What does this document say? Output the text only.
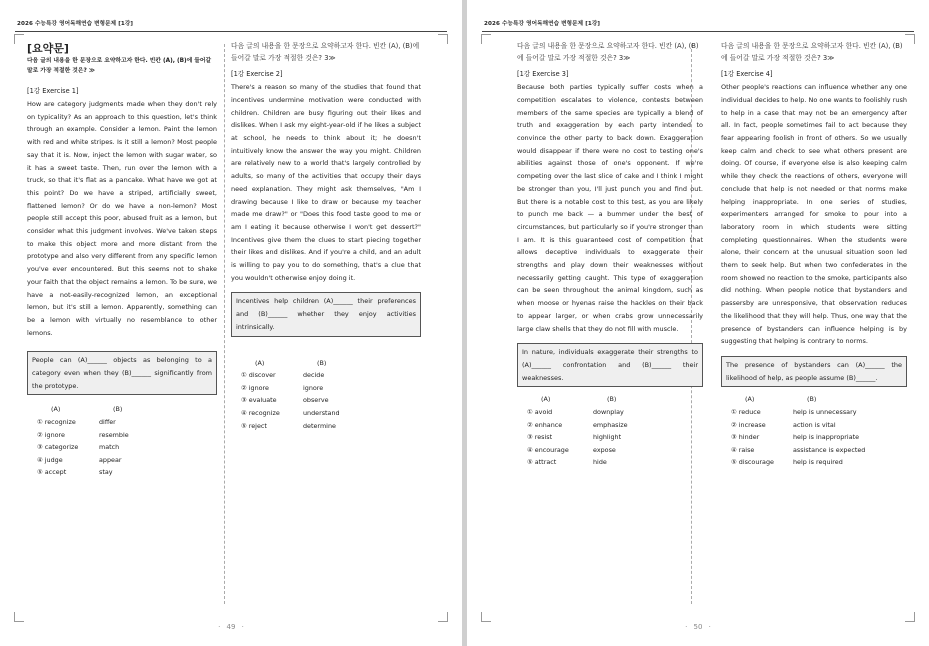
2026 수능특강 영어독해연습 변형문제 [1강]
[요약문]
다음 글의 내용을 한 문장으로 요약하고자 한다. 빈칸 (A), (B)에 들어갈 말로 가장 적절한 것은? ≫
[1강 Exercise 1]
How are category judgments made when they don't rely on typicality? As an approach to this question, let's think through an example. Consider a lemon. Paint the lemon with red and white stripes. Is it still a lemon? Most people say that it is. Now, inject the lemon with sugar water, so it has a sweet taste. Then, run over the lemon with a truck, so that it's flat as a pancake. What have we got at this point? Do we have a striped, artificially sweet, flattened lemon? Or do we have a non-lemon? Most people still accept this poor, abused fruit as a lemon, but consider what this judgment involves. We've taken steps to make this object more and more distant from the prototype and also very different from any specific lemon you've ever encountered. But this seems not to shake your faith that the object remains a lemon. To be sure, we have a not-easily-recognized lemon, an exceptional lemon, but it's still a lemon. Apparently, something can be a lemon with virtually no resemblance to other lemons.
People can (A)______ objects as belonging to a category even when they (B)______ significantly from the prototype.
(A)	(B)
① recognize	differ
② ignore	resemble
③ categorize	match
④ judge	appear
⑤ accept	stay
다음 글의 내용을 한 문장으로 요약하고자 한다. 빈칸 (A), (B)에 들어갈 말로 가장 적절한 것은? 3≫
[1강 Exercise 2]
There's a reason so many of the studies that found that incentives undermine motivation were conducted with children. Children are busy figuring out their likes and dislikes. When I ask my eight-year-old if he likes a subject at school, he needs to think about it; he doesn't intuitively know the answer the way you might. Children are relatively new to a world that's largely controlled by adults, so many of the activities that occupy their days need explanation. They might ask themselves, "Am I drawing because I like to draw or because my teacher made me draw?" or "Does this food taste good to me or am I eating it because otherwise I won't get dessert?" Incentives give them the clues to start piecing together their likes and dislikes. And if you're a child, and an adult is willing to pay you to do something, that's a clue that you wouldn't otherwise enjoy doing it.
Incentives help children (A)______ their preferences and (B)______ whether they enjoy activities intrinsically.
(A)	(B)
① discover	decide
② ignore	ignore
③ evaluate	observe
④ recognize	understand
⑤ reject	determine
· 49 ·
2026 수능특강 영어독해연습 변형문제 [1강]
다음 글의 내용을 한 문장으로 요약하고자 한다. 빈칸 (A), (B)에 들어갈 말로 가장 적절한 것은? 3≫
[1강 Exercise 3]
Because both parties typically suffer costs when a competition escalates to violence, contests between members of the same species are typically a blend of truth and exaggeration by each party intended to convince the other party to back down. Exaggeration would disappear if there were no cost to testing one's abilities against those of one's opponent. If we're competing over the last slice of cake and I think I might be stronger than you, I'll just punch you and find out. But there is a notable cost to this test, as you are likely to punch me back — a bummer under the best of circumstances, but particularly so if you're stronger than I am. It is this guaranteed cost of competition that allows deceptive individuals to exaggerate their strengths and play down their weaknesses without necessarily getting caught. This type of exaggeration can be seen throughout the animal kingdom, such as when moose or hyenas raise the hackles on their back to appear larger, or when crabs grow unnecessarily large claw shells that they do not fill with muscle.
In nature, individuals exaggerate their strengths to (A)______ confrontation and (B)______ their weaknesses.
(A)	(B)
① avoid	downplay
② enhance	emphasize
③ resist	highlight
④ encourage	expose
⑤ attract	hide
다음 글의 내용을 한 문장으로 요약하고자 한다. 빈칸 (A), (B)에 들어갈 말로 가장 적절한 것은? 3≫
[1강 Exercise 4]
Other people's reactions can influence whether any one individual decides to help. No one wants to foolishly rush to help in a case that may not be an emergency after all. In fact, people sometimes fail to act because they fear appearing foolish in front of others. So we usually keep calm and check to see what others present are doing. Of course, if everyone else is also keeping calm while they check the reactions of others, everyone will conclude that help is not needed or that norms make helping inappropriate. In one series of studies, experimenters arranged for smoke to pour into a laboratory room in which students were sitting completing questionnaires. When the students were alone, their concern at the unusual situation soon led them to seek help. But when two confederates in the room showed no reaction to the smoke, participants also did nothing. When people notice that bystanders and passersby are unresponsive, that observation reduces the likelihood that they will help. Thus, one way that the presence of bystanders can influence helping is by suggesting that helping is contrary to norms.
The presence of bystanders can (A)______ the likelihood of help, as people assume (B)______.
(A)	(B)
① reduce	help is unnecessary
② increase	action is vital
③ hinder	help is inappropriate
④ raise	assistance is expected
⑤ discourage	help is required
· 50 ·
